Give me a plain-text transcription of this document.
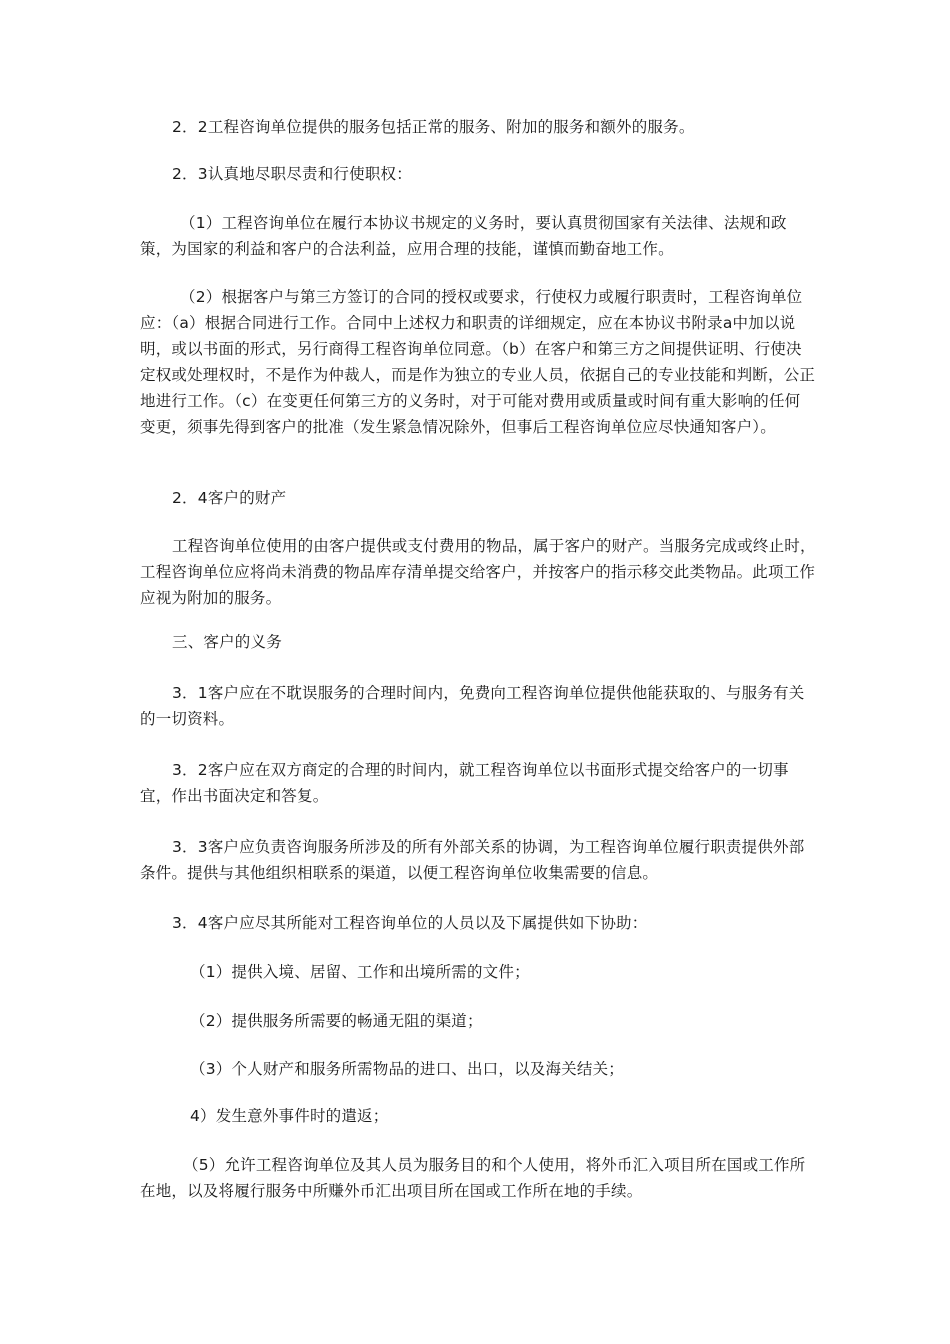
2．2工程咨询单位提供的服务包括正常的服务、附加的服务和额外的服务。

2．3认真地尽职尽责和行使职权：

（1）工程咨询单位在履行本协议书规定的义务时，要认真贯彻国家有关法律、法规和政策，为国家的利益和客户的合法利益，应用合理的技能，谨慎而勤奋地工作。

（2）根据客户与第三方签订的合同的授权或要求，行使权力或履行职责时，工程咨询单位应：（a）根据合同进行工作。合同中上述权力和职责的详细规定，应在本协议书附录a中加以说明，或以书面的形式，另行商得工程咨询单位同意。（b）在客户和第三方之间提供证明、行使决定权或处理权时，不是作为仲裁人，而是作为独立的专业人员，依据自己的专业技能和判断，公正地进行工作。（c）在变更任何第三方的义务时，对于可能对费用或质量或时间有重大影响的任何变更，须事先得到客户的批准（发生紧急情况除外，但事后工程咨询单位应尽快通知客户）。

2．4客户的财产

工程咨询单位使用的由客户提供或支付费用的物品，属于客户的财产。当服务完成或终止时，工程咨询单位应将尚未消费的物品库存清单提交给客户，并按客户的指示移交此类物品。此项工作应视为附加的服务。

三、客户的义务

3．1客户应在不耽误服务的合理时间内，免费向工程咨询单位提供他能获取的、与服务有关的一切资料。

3．2客户应在双方商定的合理的时间内，就工程咨询单位以书面形式提交给客户的一切事宜，作出书面决定和答复。

3．3客户应负责咨询服务所涉及的所有外部关系的协调，为工程咨询单位履行职责提供外部条件。提供与其他组织相联系的渠道，以便工程咨询单位收集需要的信息。

3．4客户应尽其所能对工程咨询单位的人员以及下属提供如下协助：

（1）提供入境、居留、工作和出境所需的文件；

（2）提供服务所需要的畅通无阻的渠道；

（3）个人财产和服务所需物品的进口、出口，以及海关结关；

4）发生意外事件时的遣返；

（5）允许工程咨询单位及其人员为服务目的和个人使用，将外币汇入项目所在国或工作所在地，以及将履行服务中所赚外币汇出项目所在国或工作所在地的手续。
